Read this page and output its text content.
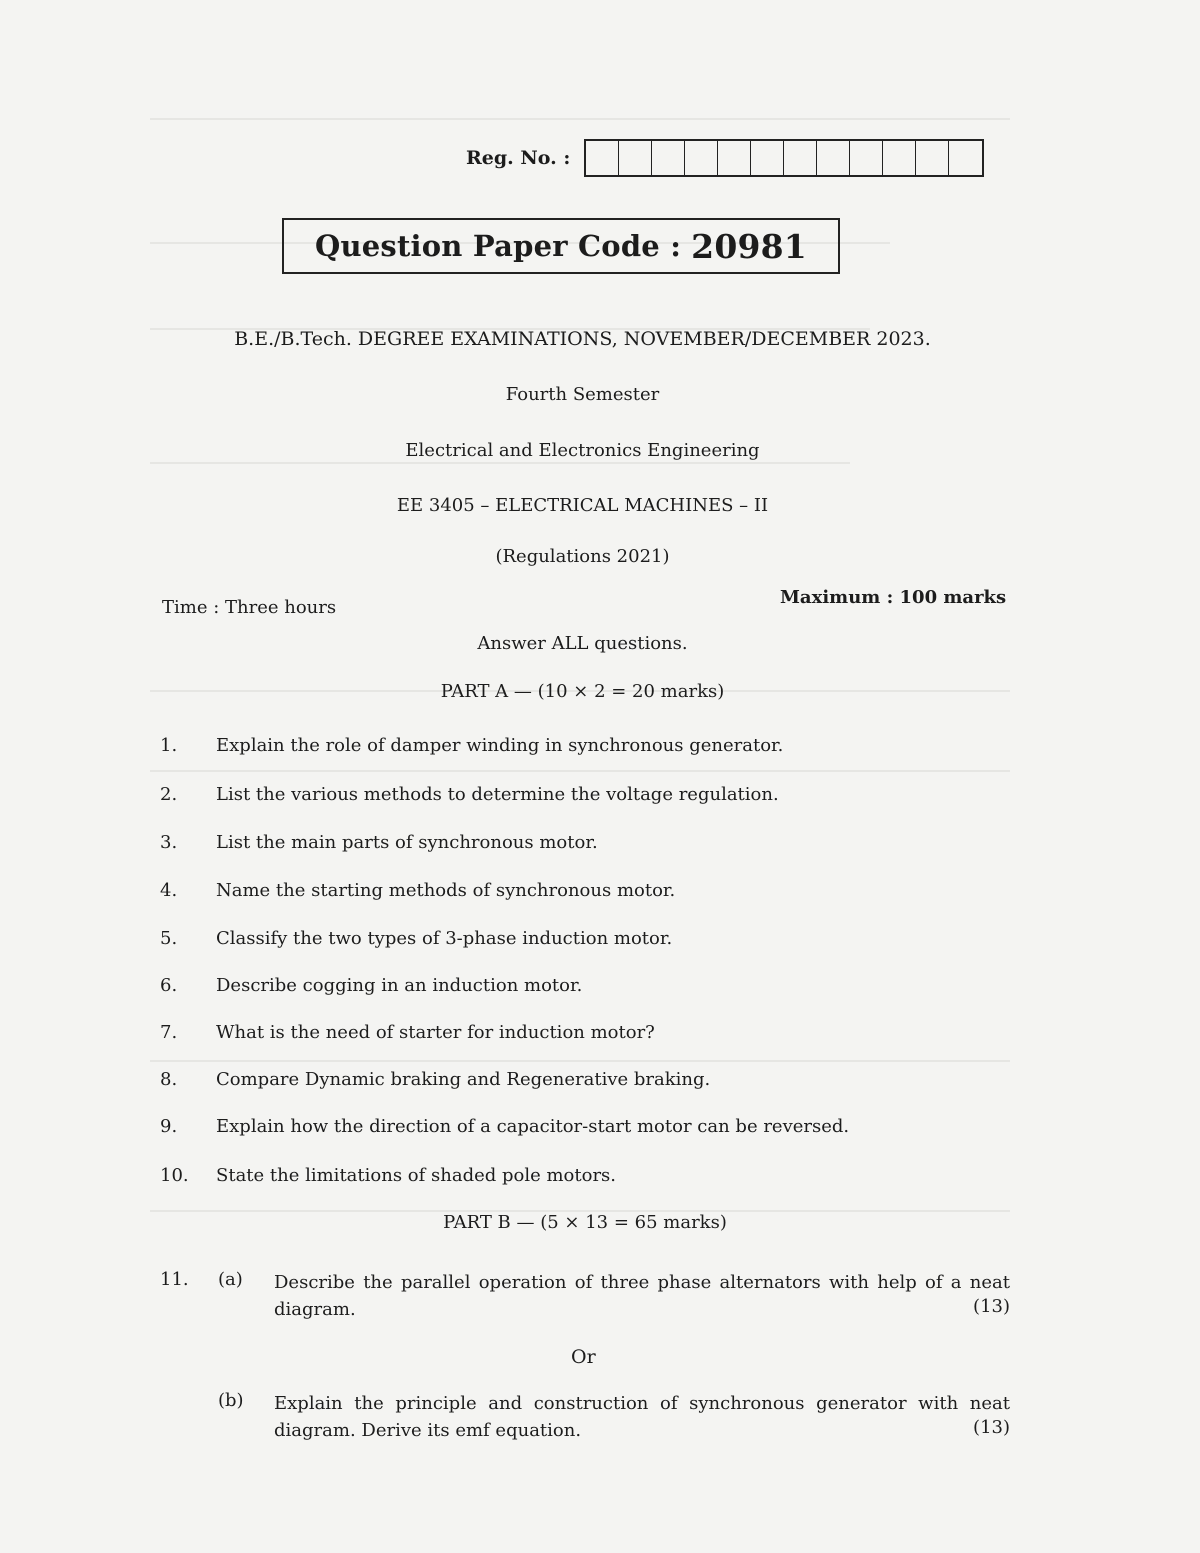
Reg. No. :
Question Paper Code : 20981
B.E./B.Tech. DEGREE EXAMINATIONS, NOVEMBER/DECEMBER 2023.
Fourth Semester
Electrical and Electronics Engineering
EE 3405 – ELECTRICAL MACHINES – II
(Regulations 2021)
Time : Three hours	Maximum : 100 marks
Answer ALL questions.
PART A — (10 × 2 = 20 marks)
1.	Explain the role of damper winding in synchronous generator.
2.	List the various methods to determine the voltage regulation.
3.	List the main parts of synchronous motor.
4.	Name the starting methods of synchronous motor.
5.	Classify the two types of 3-phase induction motor.
6.	Describe cogging in an induction motor.
7.	What is the need of starter for induction motor?
8.	Compare Dynamic braking and Regenerative braking.
9.	Explain how the direction of a capacitor-start motor can be reversed.
10.	State the limitations of shaded pole motors.
PART B — (5 × 13 = 65 marks)
11. (a) Describe the parallel operation of three phase alternators with help of a neat diagram.	(13)
Or
(b) Explain the principle and construction of synchronous generator with neat diagram. Derive its emf equation.	(13)
